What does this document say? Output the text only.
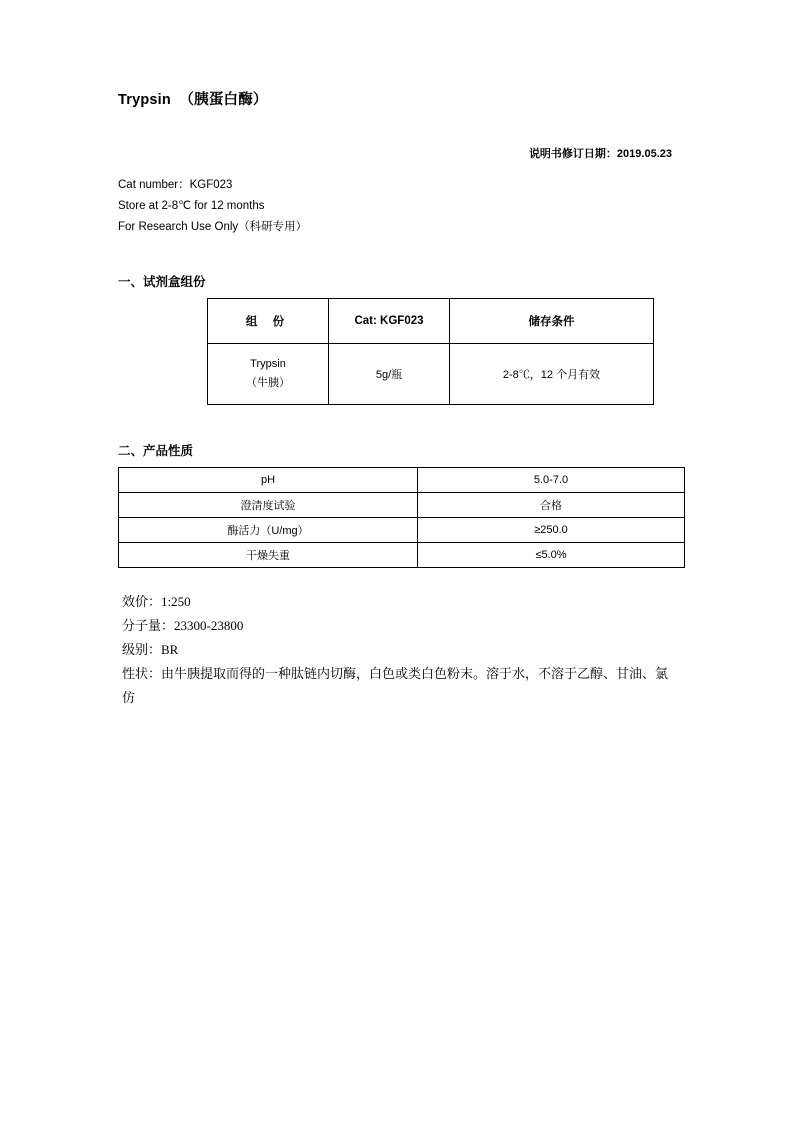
Trypsin  （胰蛋白酶）
说明书修订日期：2019.05.23
Cat number：KGF023
Store at 2-8℃ for 12 months
For Research Use Only（科研专用）
一、试剂盒组份
组 份	Cat: KGF023	储存条件

Trypsin
（牛胰）	5g/瓶	2-8℃，12 个月有效
二、产品性质
pH	5.0-7.0
澄清度试验	合格
酶活力（U/mg）	≥250.0
干燥失重	≤5.0%
效价：1:250
分子量：23300-23800
级别：BR
性状：由牛胰提取而得的一种肽链内切酶，白色或类白色粉末。溶于水，不溶于乙醇、甘油、氯仿
